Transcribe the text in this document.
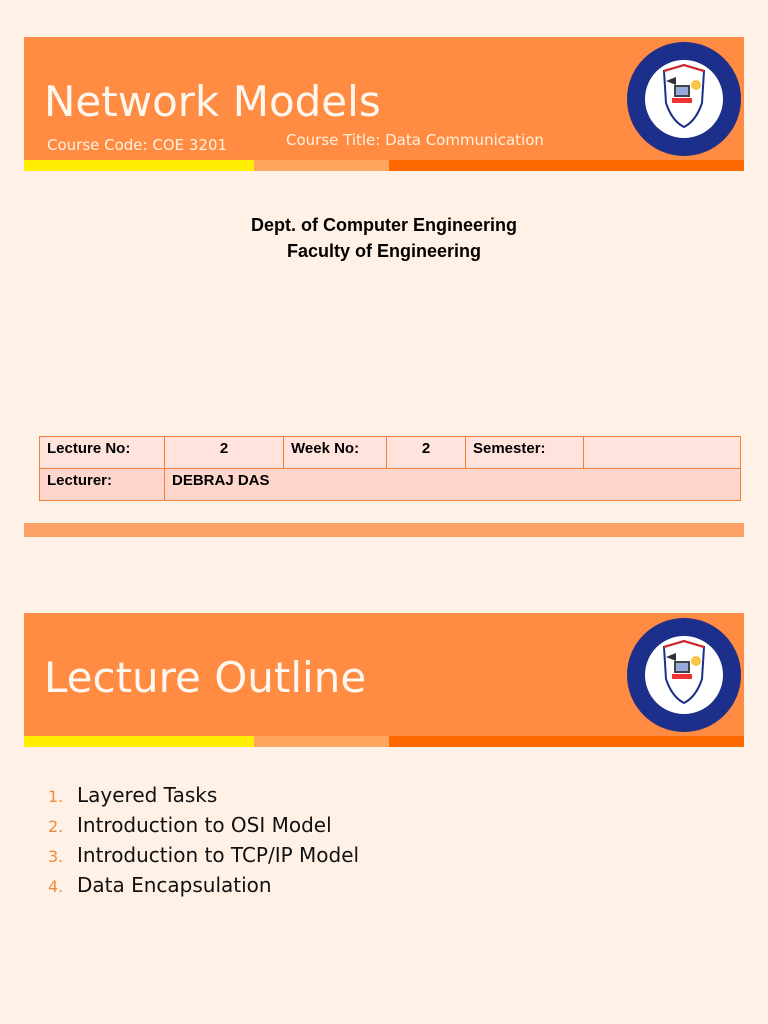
Network Models
Course Code: COE 3201	Course Title: Data Communication
Dept. of Computer Engineering
Faculty of Engineering
Lecture No:	2	Week No:	2	Semester:	
Lecturer:	DEBRAJ DAS				
Lecture Outline
1. Layered Tasks
2. Introduction to OSI Model
3. Introduction to TCP/IP Model
4. Data Encapsulation
